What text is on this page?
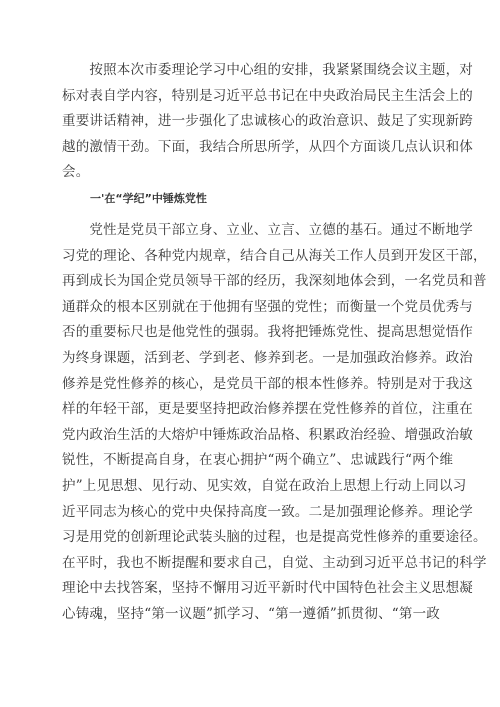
　　按照本次市委理论学习中心组的安排，我紧紧围绕会议主题，对
标对表自学内容，特别是习近平总书记在中央政治局民主生活会上的
重要讲话精神，进一步强化了忠诚核心的政治意识、鼓足了实现新跨
越的激情干劲。下面，我结合所思所学，从四个方面谈几点认识和体
会。
一'在“学纪”中锤炼党性
　　党性是党员干部立身、立业、立言、立德的基石。通过不断地学
习党的理论、各种党内规章，结合自己从海关工作人员到开发区干部，
再到成长为国企党员领导干部的经历，我深刻地体会到，一名党员和普
通群众的根本区别就在于他拥有坚强的党性；而衡量一个党员优秀与
否的重要标尺也是他党性的强弱。我将把锤炼党性、提高思想觉悟作
为终身课题，活到老、学到老、修养到老。一是加强政治修养。政治
修养是党性修养的核心，是党员干部的根本性修养。特别是对于我这
样的年轻干部，更是要坚持把政治修养摆在党性修养的首位，注重在
党内政治生活的大熔炉中锤炼政治品格、积累政治经验、增强政治敏
锐性，不断提高自身，在衷心拥护“两个确立”、忠诚践行“两个维
护”上见思想、见行动、见实效，自觉在政治上思想上行动上同以习
近平同志为核心的党中央保持高度一致。二是加强理论修养。理论学
习是用党的创新理论武装头脑的过程，也是提高党性修养的重要途径。
在平时，我也不断提醒和要求自己，自觉、主动到习近平总书记的科学
理论中去找答案，坚持不懈用习近平新时代中国特色社会主义思想凝
心铸魂，坚持“第一议题”抓学习、“第一遵循”抓贯彻、“第一政
